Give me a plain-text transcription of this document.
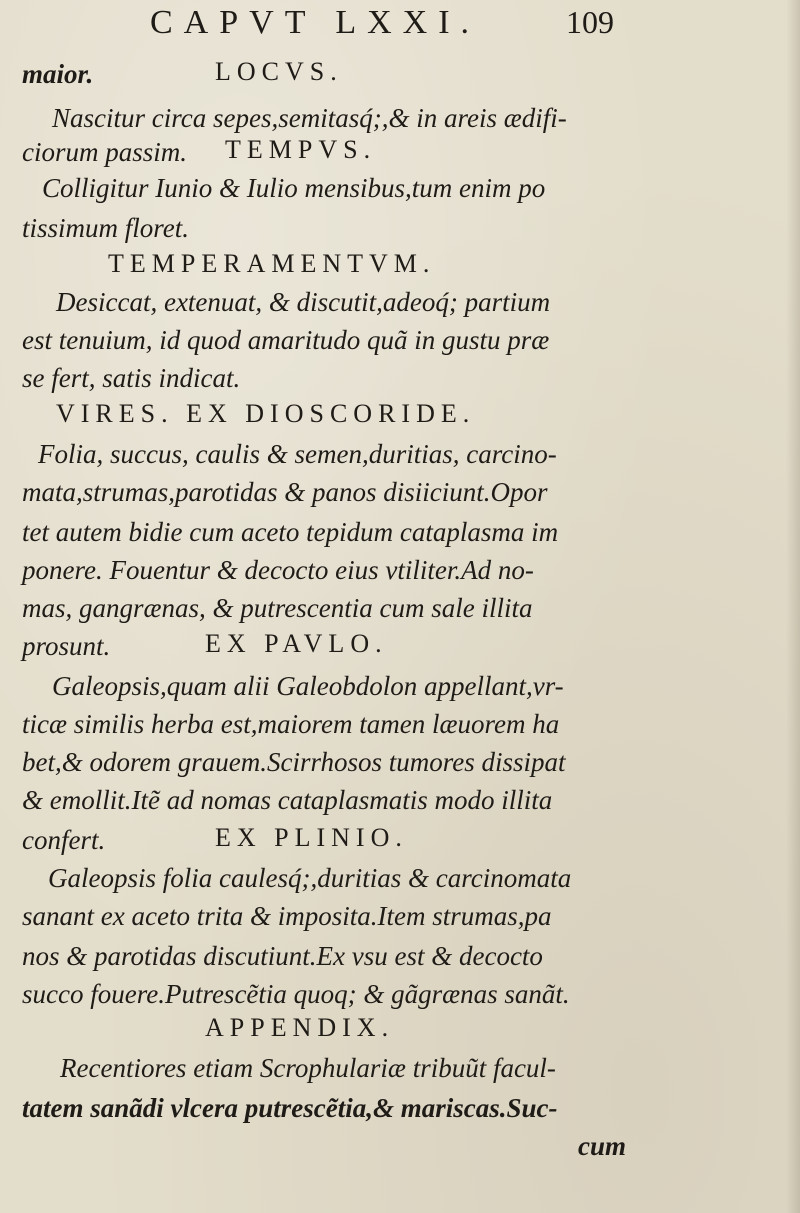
CAPVT LXXI.	109
maior.	LOCVS.
Nascitur circa sepes,semitasq́;,& in areis ædifi-
ciorum passim. TEMPVS.
Colligitur Iunio & Iulio mensibus,tum enim po
tissimum floret.
TEMPERAMENTVM.
Desiccat, extenuat, & discutit,adeoq́; partium
est tenuium, id quod amaritudo quã in gustu præ
se fert, satis indicat.
VIRES. EX DIOSCORIDE.
Folia, succus, caulis & semen,duritias, carcino-
mata,strumas,parotidas & panos disiiciunt.Opor
tet autem bidie cum aceto tepidum cataplasma im
ponere. Fouentur & decocto eius vtiliter.Ad no-
mas, gangrænas, & putrescentia cum sale illita
prosunt.	EX PAVLO.
Galeopsis,quam alii Galeobdolon appellant,vr-
ticæ similis herba est,maiorem tamen læuorem ha
bet,& odorem grauem.Scirrhosos tumores dissipat
& emollit.Itẽ ad nomas cataplasmatis modo illita
confert.	EX PLINIO.
Galeopsis folia caulesq́;,duritias & carcinomata
sanant ex aceto trita & imposita.Item strumas,pa
nos & parotidas discutiunt.Ex vsu est & decocto
succo fouere.Putrescẽtia quoq; & gãgrænas sanãt.
APPENDIX.
Recentiores etiam Scrophulariæ tribuũt facul-
tatem sanãdi vlcera putrescẽtia,& mariscas.Suc-
cum
